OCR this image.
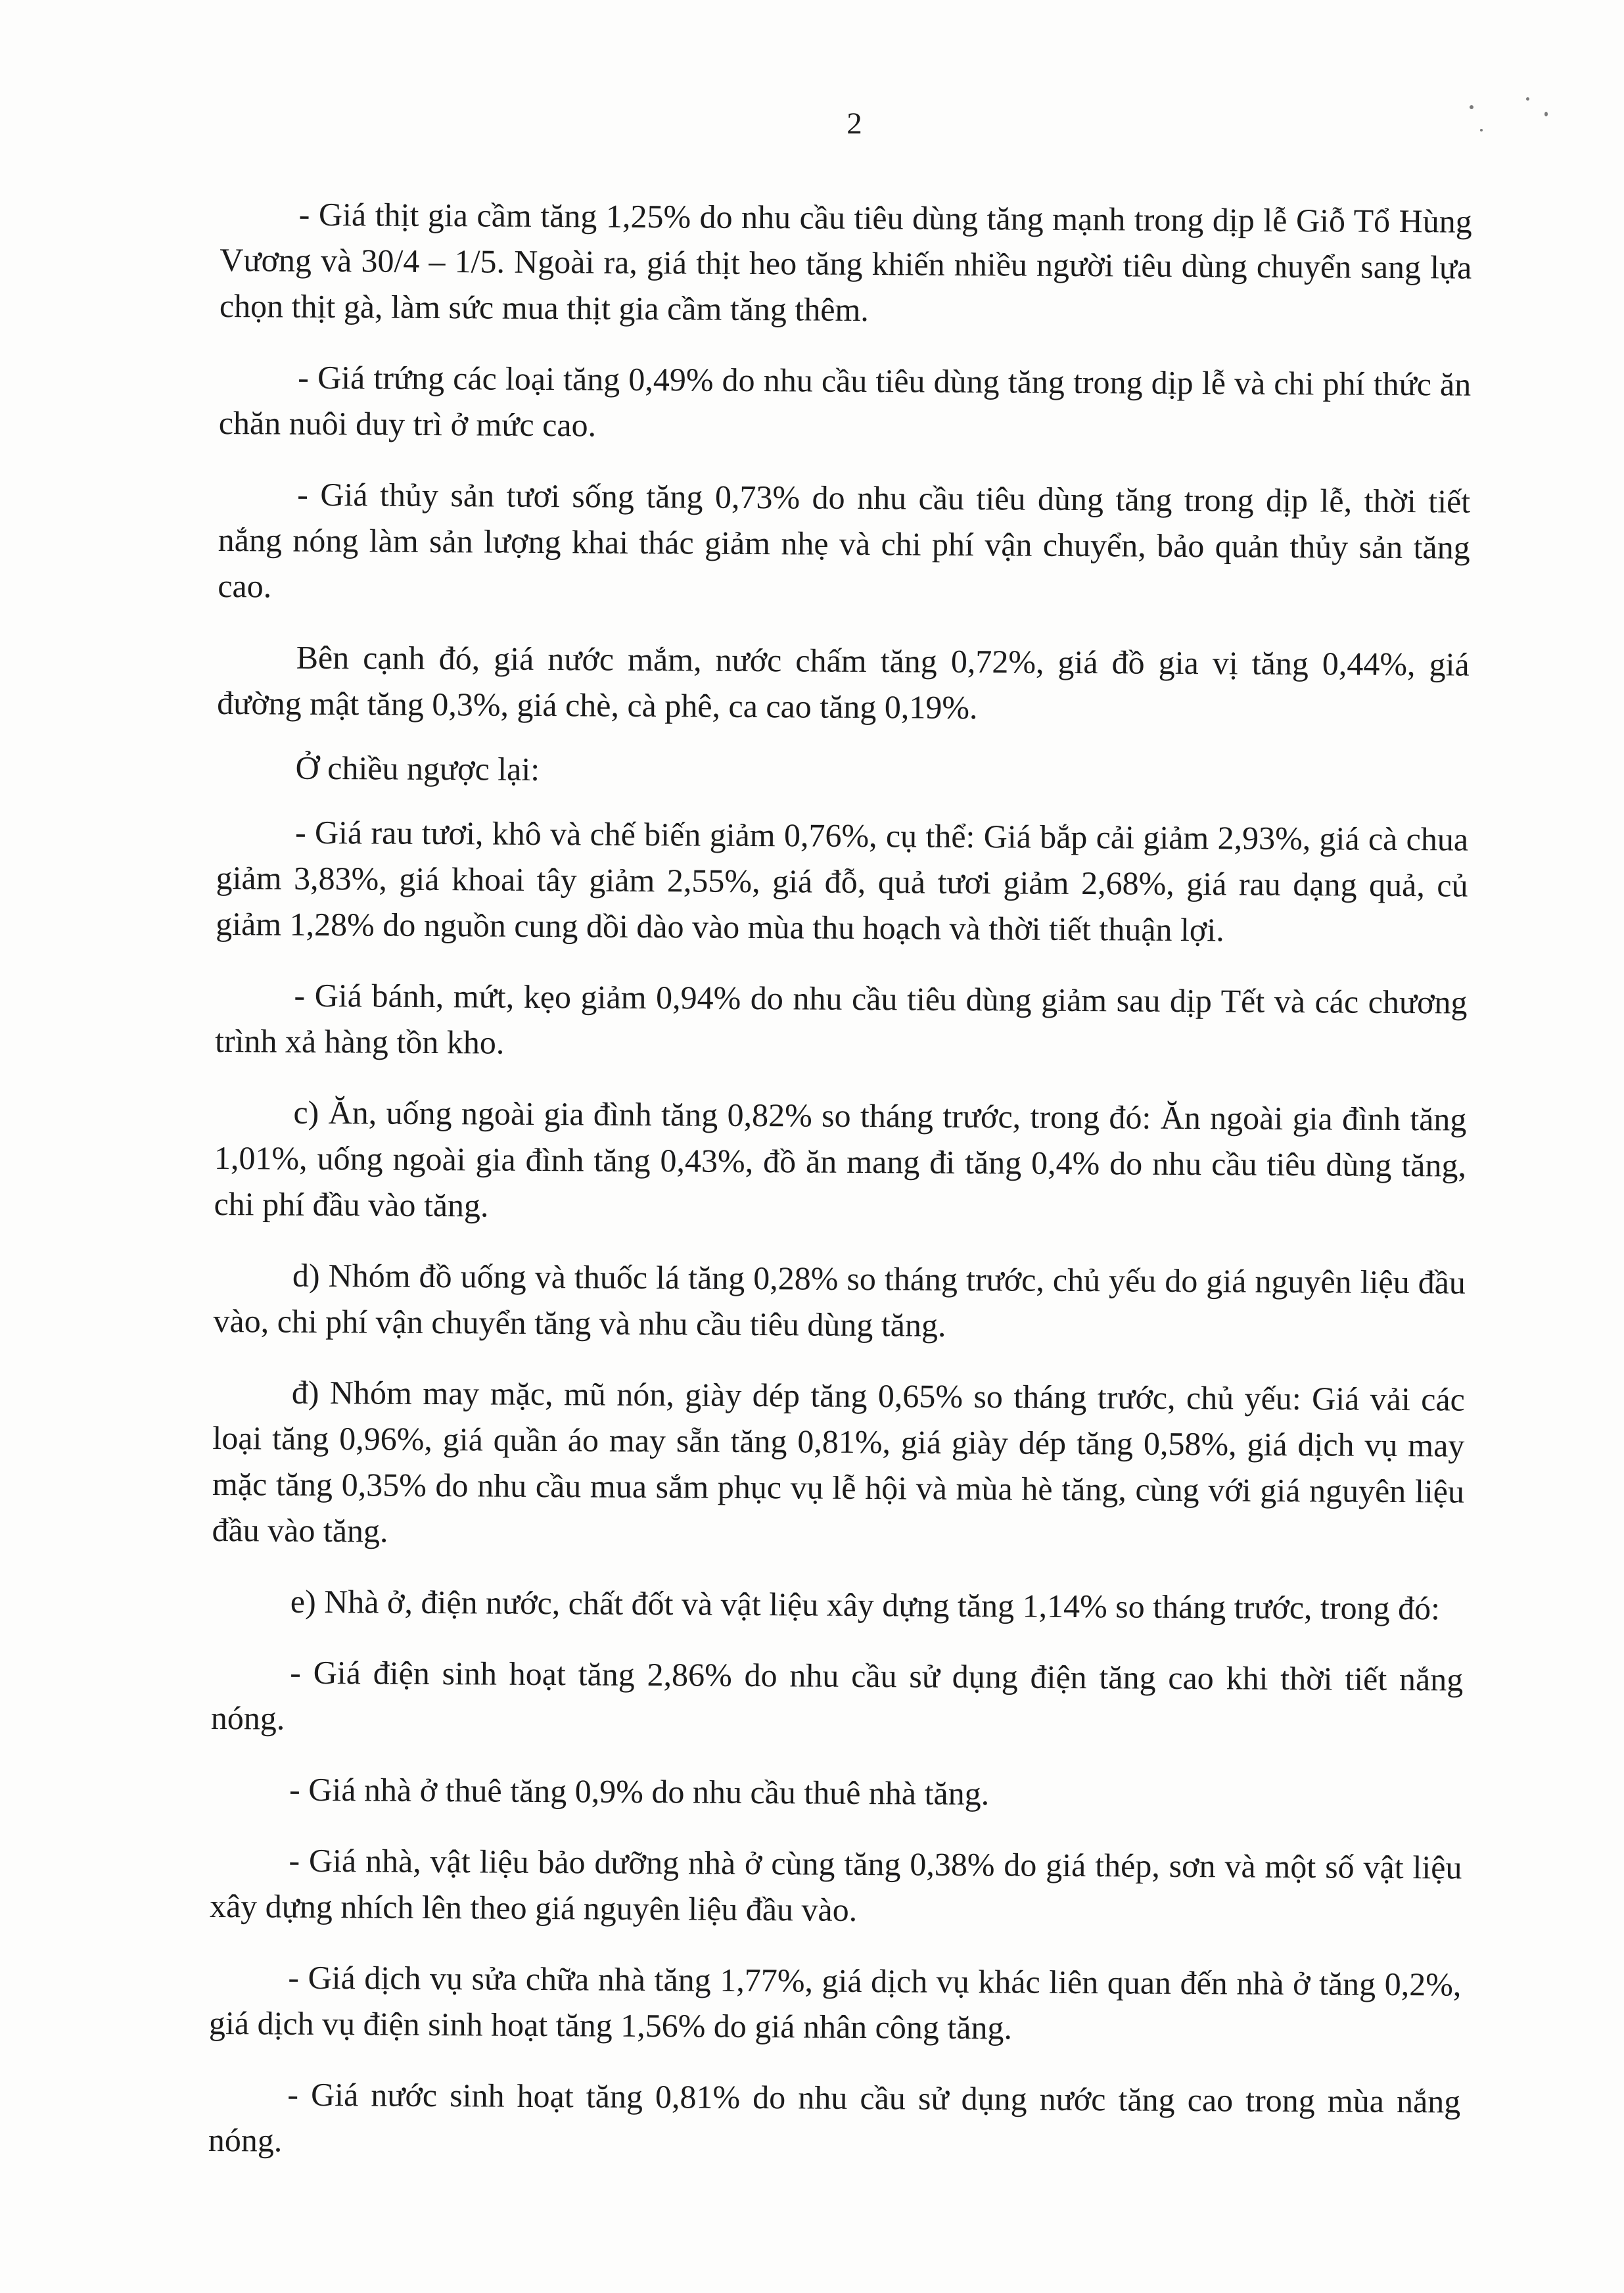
2

- Giá thịt gia cầm tăng 1,25% do nhu cầu tiêu dùng tăng mạnh trong dịp lễ Giỗ Tổ Hùng Vương và 30/4 – 1/5. Ngoài ra, giá thịt heo tăng khiến nhiều người tiêu dùng chuyển sang lựa chọn thịt gà, làm sức mua thịt gia cầm tăng thêm.

- Giá trứng các loại tăng 0,49% do nhu cầu tiêu dùng tăng trong dịp lễ và chi phí thức ăn chăn nuôi duy trì ở mức cao.

- Giá thủy sản tươi sống tăng 0,73% do nhu cầu tiêu dùng tăng trong dịp lễ, thời tiết nắng nóng làm sản lượng khai thác giảm nhẹ và chi phí vận chuyển, bảo quản thủy sản tăng cao.

Bên cạnh đó, giá nước mắm, nước chấm tăng 0,72%, giá đồ gia vị tăng 0,44%, giá đường mật tăng 0,3%, giá chè, cà phê, ca cao tăng 0,19%.

Ở chiều ngược lại:

- Giá rau tươi, khô và chế biến giảm 0,76%, cụ thể: Giá bắp cải giảm 2,93%, giá cà chua giảm 3,83%, giá khoai tây giảm 2,55%, giá đỗ, quả tươi giảm 2,68%, giá rau dạng quả, củ giảm 1,28% do nguồn cung dồi dào vào mùa thu hoạch và thời tiết thuận lợi.

- Giá bánh, mứt, kẹo giảm 0,94% do nhu cầu tiêu dùng giảm sau dịp Tết và các chương trình xả hàng tồn kho.

c) Ăn, uống ngoài gia đình tăng 0,82% so tháng trước, trong đó: Ăn ngoài gia đình tăng 1,01%, uống ngoài gia đình tăng 0,43%, đồ ăn mang đi tăng 0,4% do nhu cầu tiêu dùng tăng, chi phí đầu vào tăng.

d) Nhóm đồ uống và thuốc lá tăng 0,28% so tháng trước, chủ yếu do giá nguyên liệu đầu vào, chi phí vận chuyển tăng và nhu cầu tiêu dùng tăng.

đ) Nhóm may mặc, mũ nón, giày dép tăng 0,65% so tháng trước, chủ yếu: Giá vải các loại tăng 0,96%, giá quần áo may sẵn tăng 0,81%, giá giày dép tăng 0,58%, giá dịch vụ may mặc tăng 0,35% do nhu cầu mua sắm phục vụ lễ hội và mùa hè tăng, cùng với giá nguyên liệu đầu vào tăng.

e) Nhà ở, điện nước, chất đốt và vật liệu xây dựng tăng 1,14% so tháng trước, trong đó:

- Giá điện sinh hoạt tăng 2,86% do nhu cầu sử dụng điện tăng cao khi thời tiết nắng nóng.

- Giá nhà ở thuê tăng 0,9% do nhu cầu thuê nhà tăng.

- Giá nhà, vật liệu bảo dưỡng nhà ở cùng tăng 0,38% do giá thép, sơn và một số vật liệu xây dựng nhích lên theo giá nguyên liệu đầu vào.

- Giá dịch vụ sửa chữa nhà tăng 1,77%, giá dịch vụ khác liên quan đến nhà ở tăng 0,2%, giá dịch vụ điện sinh hoạt tăng 1,56% do giá nhân công tăng.

- Giá nước sinh hoạt tăng 0,81% do nhu cầu sử dụng nước tăng cao trong mùa nắng nóng.
